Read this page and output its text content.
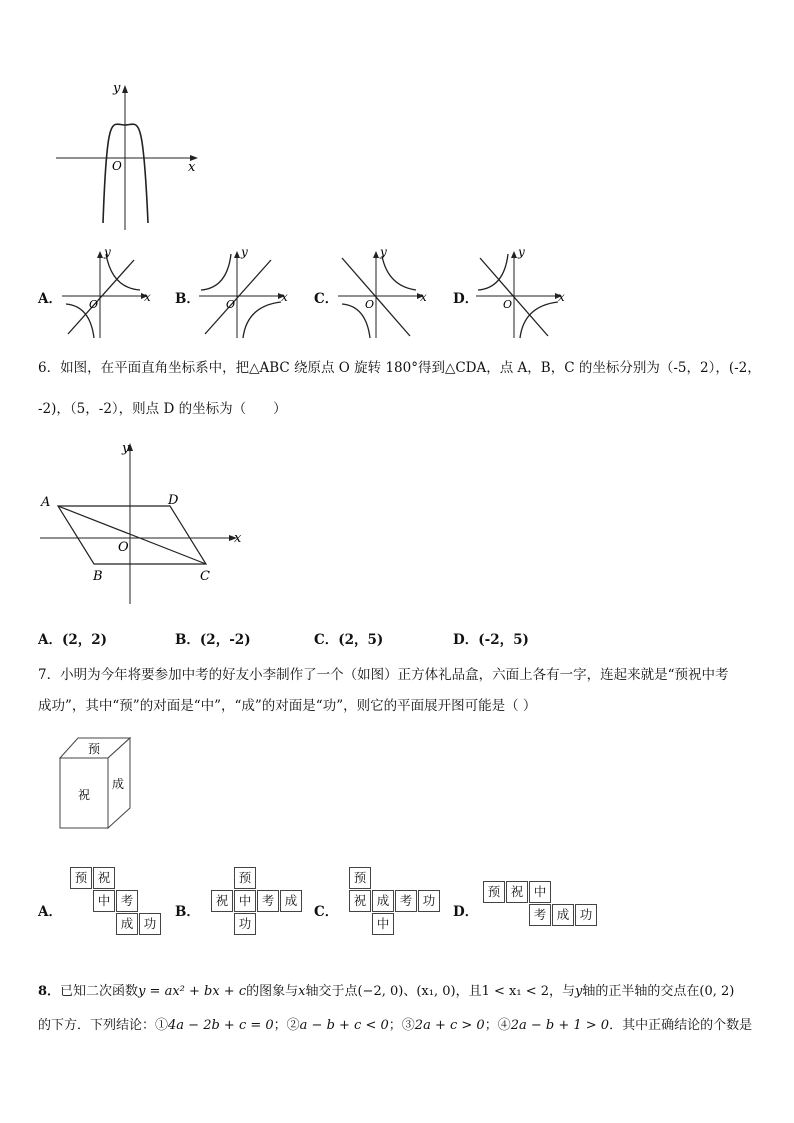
x
y
O
A．	x
y
O	B．	x
y
O	C．	x
y
O	D．	x
y
O
6．如图，在平面直角坐标系中，把△ABC 绕原点 O 旋转 180°得到△CDA，点 A，B，C 的坐标分别为（-5，2），(-2，
-2)，（5，-2），则点 D 的坐标为（　　）
A	D
B	C
O
x
y
A．(2，2)	B．(2，-2)	C．(2，5)	D．(-2，5)
7．小明为今年将要参加中考的好友小李制作了一个（如图）正方体礼品盒，六面上各有一字，连起来就是“预祝中考
成功”，其中“预”的对面是“中”，“成”的对面是“功”，则它的平面展开图可能是（ ）
预
祝
成
A．
预 祝
中 考
成 功
B．
预
祝 中 考 成
功
C．
预
祝 成 考 功
中
D．
预 祝 中
考 成 功
8．已知二次函数y = ax² + bx + c的图象与x轴交于点(−2, 0)、(x₁, 0)，且1 < x₁ < 2，与y轴的正半轴的交点在(0, 2)
的下方．下列结论：①4a − 2b + c = 0；②a − b + c < 0；③2a + c > 0；④2a − b + 1 > 0．其中正确结论的个数是
